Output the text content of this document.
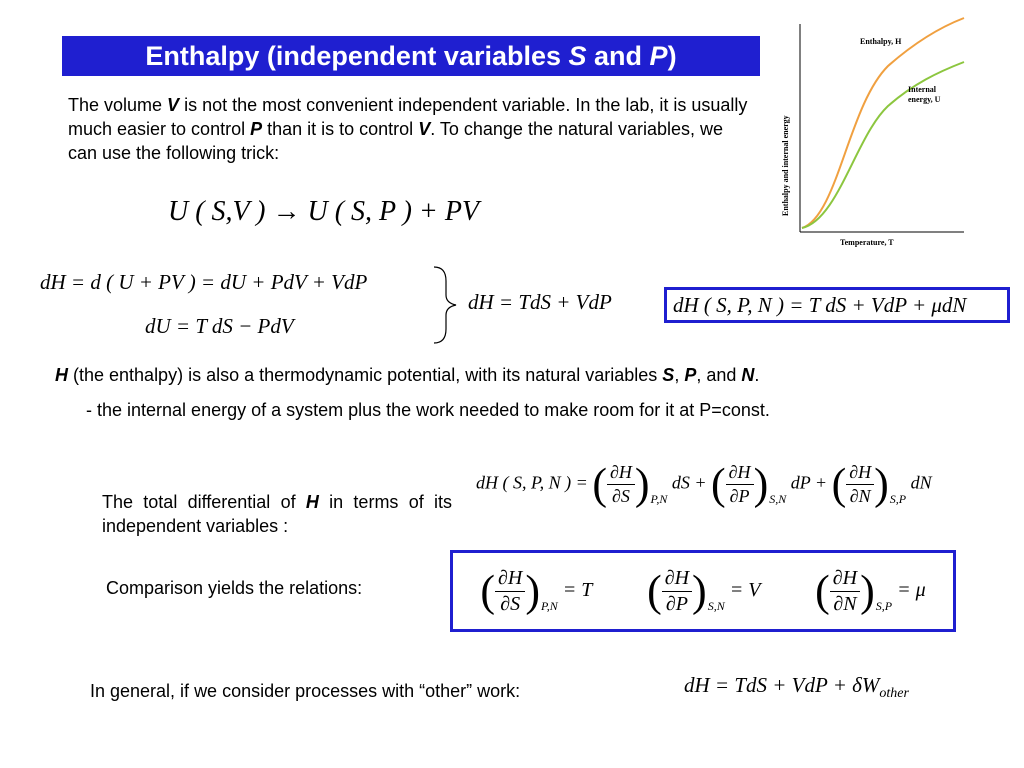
Enthalpy (independent variables S and P)
The volume V is not the most convenient independent variable. In the lab, it is usually much easier to control P than it is to control V. To change the natural variables, we can use the following trick:	Enthalpy and internal energy
Temperature, T
Enthalpy, H
Internal
energy, U
U ( S,V ) → U ( S, P ) + PV
dH = d ( U + PV ) = dU + PdV + VdP
dU = T dS − PdV
dH = TdS + VdP	dH ( S, P, N ) = T dS + VdP + μdN
H (the enthalpy) is also a thermodynamic potential, with its natural variables S, P, and N.
- the internal energy of a system plus the work needed to make room for it at P=const.
The total differential of H in terms of its independent variables :
dH ( S, P, N ) = ( $\frac{\partial H}{\partial S} )_{P,N}$ dS + ( $\frac{\partial H}{\partial P} )_{S,N}$ dP + ( $\frac{\partial H}{\partial N} )_{S,P}$ dN
Comparison yields the relations:	( $\frac{\partial H}{\partial S} )_{P,N} = T$ ( $\frac{\partial H}{\partial P} )_{S,N} = V$ ( $\frac{\partial H}{\partial N} )_{S,P} = \mu$
In general, if we consider processes with “other” work:	dH = TdS + VdP + $\delta W_{other}$
